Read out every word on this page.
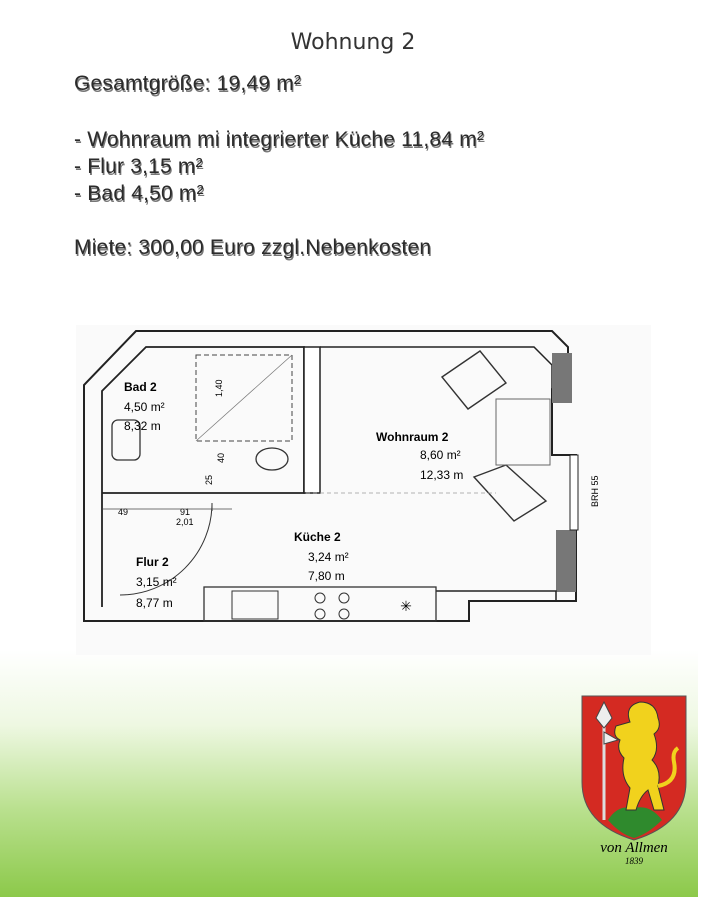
Wohnung 2
Gesamtgröße: 19,49 m²
- Wohnraum mi integrierter Küche 11,84 m²
- Flur 3,15 m²
- Bad 4,50 m²
Miete: 300,00 Euro zzgl.Nebenkosten
✳
Bad 2
4,50 m²
8,32 m
Wohnraum 2
8,60 m²
12,33 m
Küche 2
3,24 m²
7,80 m
Flur 2
3,15 m²
8,77 m
1,40
25
40
49	91
2,01
BRH 55
von Allmen
1839
